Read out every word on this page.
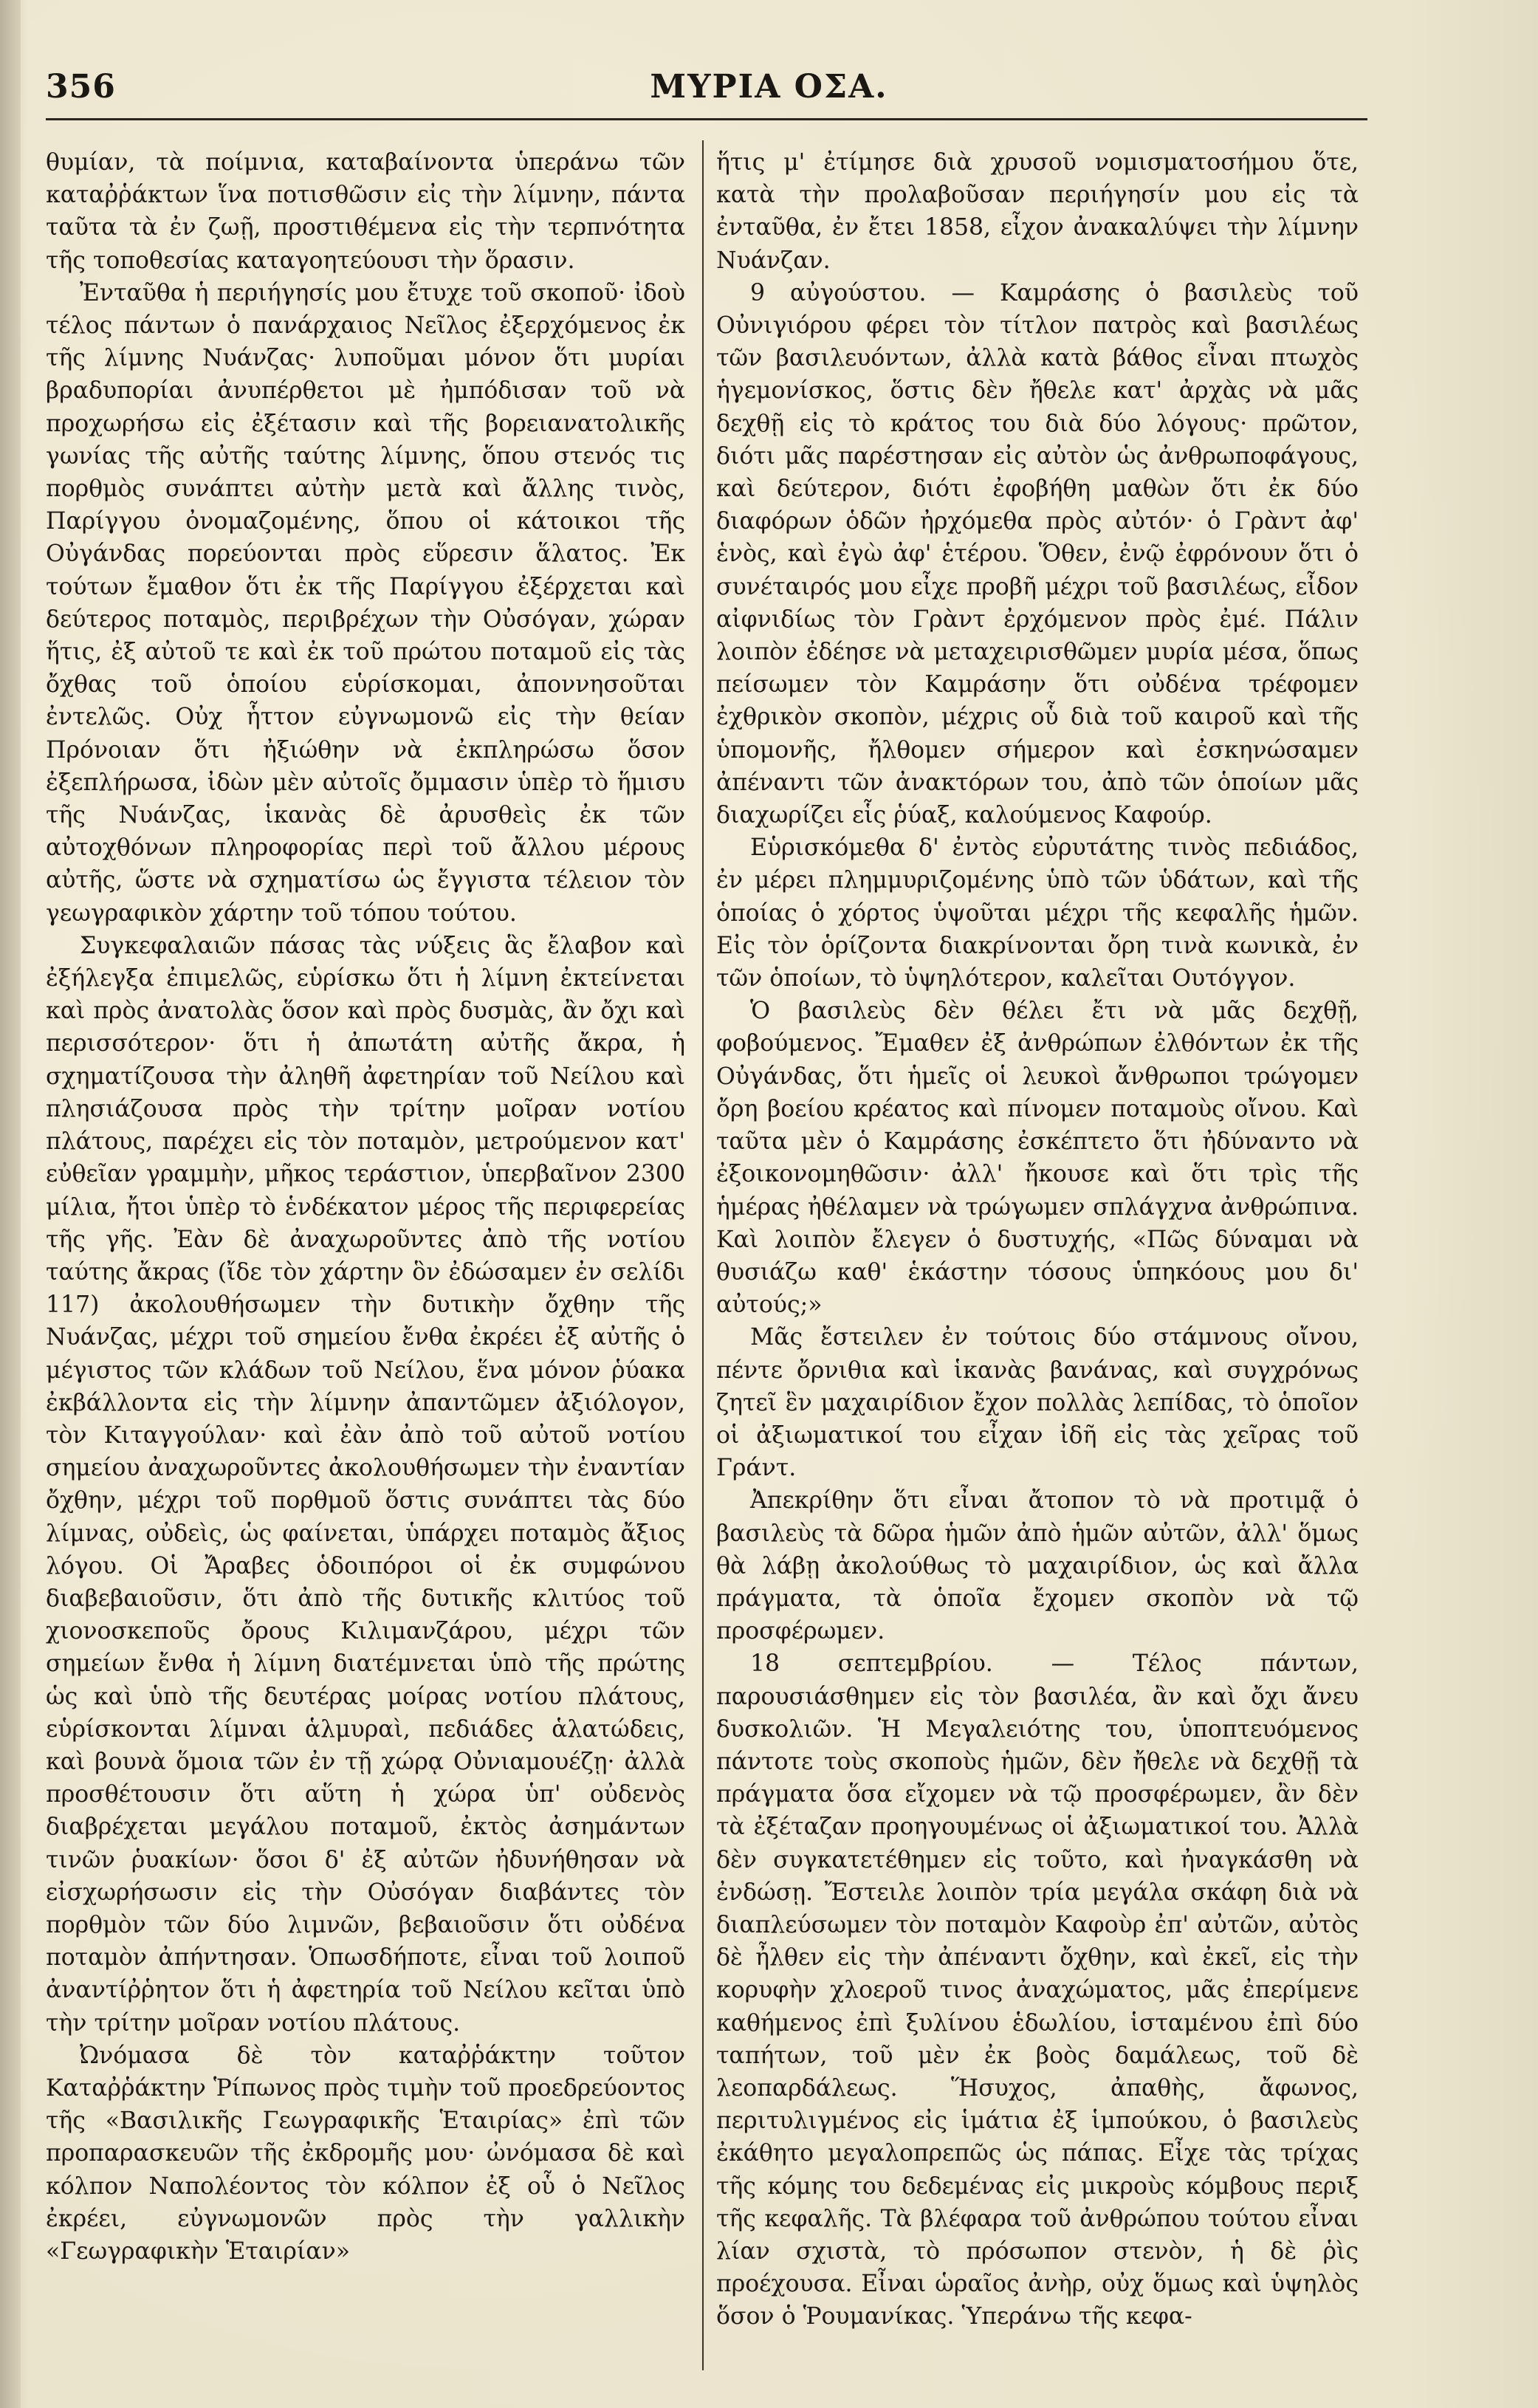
356	ΜΥΡΙΑ ΟΣΑ.

θυμίαν, τὰ ποίμνια, καταβαίνοντα ὑπεράνω τῶν καταῤῥάκτων ἵνα ποτισθῶσιν εἰς τὴν λίμνην, πάντα ταῦτα τὰ ἐν ζωῇ, προστιθέμενα εἰς τὴν τερπνότητα τῆς τοποθεσίας καταγοητεύουσι τὴν ὅρασιν.

Ἐνταῦθα ἡ περιήγησίς μου ἔτυχε τοῦ σκοποῦ· ἰδοὺ τέλος πάντων ὁ πανάρχαιος Νεῖλος ἐξερχόμενος ἐκ τῆς λίμνης Νυάνζας· λυποῦμαι μόνον ὅτι μυρίαι βραδυπορίαι ἀνυπέρθετοι μὲ ἠμπόδισαν τοῦ νὰ προχωρήσω εἰς ἐξέτασιν καὶ τῆς βορειανατολικῆς γωνίας τῆς αὐτῆς ταύτης λίμνης, ὅπου στενός τις πορθμὸς συνάπτει αὐτὴν μετὰ καὶ ἄλλης τινὸς, Παρίγγου ὀνομαζομένης, ὅπου οἱ κάτοικοι τῆς Οὐγάνδας πορεύονται πρὸς εὕρεσιν ἅλατος. Ἐκ τούτων ἔμαθον ὅτι ἐκ τῆς Παρίγγου ἐξέρχεται καὶ δεύτερος ποταμὸς, περιβρέχων τὴν Οὐσόγαν, χώραν ἥτις, ἐξ αὐτοῦ τε καὶ ἐκ τοῦ πρώτου ποταμοῦ εἰς τὰς ὄχθας τοῦ ὁποίου εὑρίσκομαι, ἀποννησοῦται ἐντελῶς. Οὐχ ἧττον εὐγνωμονῶ εἰς τὴν θείαν Πρόνοιαν ὅτι ἠξιώθην νὰ ἐκπληρώσω ὅσον ἐξεπλήρωσα, ἰδὼν μὲν αὐτοῖς ὄμμασιν ὑπὲρ τὸ ἥμισυ τῆς Νυάνζας, ἱκανὰς δὲ ἀρυσθεὶς ἐκ τῶν αὐτοχθόνων πληροφορίας περὶ τοῦ ἄλλου μέρους αὐτῆς, ὥστε νὰ σχηματίσω ὡς ἔγγιστα τέλειον τὸν γεωγραφικὸν χάρτην τοῦ τόπου τούτου.

Συγκεφαλαιῶν πάσας τὰς νύξεις ἃς ἔλαβον καὶ ἐξήλεγξα ἐπιμελῶς, εὑρίσκω ὅτι ἡ λίμνη ἐκτείνεται καὶ πρὸς ἀνατολὰς ὅσον καὶ πρὸς δυσμὰς, ἂν ὄχι καὶ περισσότερον· ὅτι ἡ ἀπωτάτη αὐτῆς ἄκρα, ἡ σχηματίζουσα τὴν ἀληθῆ ἀφετηρίαν τοῦ Νείλου καὶ πλησιάζουσα πρὸς τὴν τρίτην μοῖραν νοτίου πλάτους, παρέχει εἰς τὸν ποταμὸν, μετρούμενον κατ' εὐθεῖαν γραμμὴν, μῆκος τεράστιον, ὑπερβαῖνον 2300 μίλια, ἤτοι ὑπὲρ τὸ ἑνδέκατον μέρος τῆς περιφερείας τῆς γῆς. Ἐὰν δὲ ἀναχωροῦντες ἀπὸ τῆς νοτίου ταύτης ἄκρας (ἴδε τὸν χάρτην ὃν ἐδώσαμεν ἐν σελίδι 117) ἀκολουθήσωμεν τὴν δυτικὴν ὄχθην τῆς Νυάνζας, μέχρι τοῦ σημείου ἔνθα ἐκρέει ἐξ αὐτῆς ὁ μέγιστος τῶν κλάδων τοῦ Νείλου, ἕνα μόνον ῥύακα ἐκβάλλοντα εἰς τὴν λίμνην ἀπαντῶμεν ἀξιόλογον, τὸν Κιταγγούλαν· καὶ ἐὰν ἀπὸ τοῦ αὐτοῦ νοτίου σημείου ἀναχωροῦντες ἀκολουθήσωμεν τὴν ἐναντίαν ὄχθην, μέχρι τοῦ πορθμοῦ ὅστις συνάπτει τὰς δύο λίμνας, οὐδεὶς, ὡς φαίνεται, ὑπάρχει ποταμὸς ἄξιος λόγου. Οἱ Ἄραβες ὁδοιπόροι οἱ ἐκ συμφώνου διαβεβαιοῦσιν, ὅτι ἀπὸ τῆς δυτικῆς κλιτύος τοῦ χιονοσκεποῦς ὄρους Κιλιμανζάρου, μέχρι τῶν σημείων ἔνθα ἡ λίμνη διατέμνεται ὑπὸ τῆς πρώτης ὡς καὶ ὑπὸ τῆς δευτέρας μοίρας νοτίου πλάτους, εὑρίσκονται λίμναι ἁλμυραὶ, πεδιάδες ἁλατώδεις, καὶ βουνὰ ὅμοια τῶν ἐν τῇ χώρᾳ Οὐνιαμουέζῃ· ἀλλὰ προσθέτουσιν ὅτι αὕτη ἡ χώρα ὑπ' οὐδενὸς διαβρέχεται μεγάλου ποταμοῦ, ἐκτὸς ἀσημάντων τινῶν ῥυακίων· ὅσοι δ' ἐξ αὐτῶν ἠδυνήθησαν νὰ εἰσχωρήσωσιν εἰς τὴν Οὐσόγαν διαβάντες τὸν πορθμὸν τῶν δύο λιμνῶν, βεβαιοῦσιν ὅτι οὐδένα ποταμὸν ἀπήντησαν. Ὁπωσδήποτε, εἶναι τοῦ λοιποῦ ἀναντίῤῥητον ὅτι ἡ ἀφετηρία τοῦ Νείλου κεῖται ὑπὸ τὴν τρίτην μοῖραν νοτίου πλάτους.

Ὠνόμασα δὲ τὸν καταῤῥάκτην τοῦτον Καταῤῥάκτην Ῥίπωνος πρὸς τιμὴν τοῦ προεδρεύοντος τῆς «Βασιλικῆς Γεωγραφικῆς Ἑταιρίας» ἐπὶ τῶν προπαρασκευῶν τῆς ἐκδρομῆς μου· ὠνόμασα δὲ καὶ κόλπον Ναπολέοντος τὸν κόλπον ἐξ οὗ ὁ Νεῖλος ἐκρέει, εὐγνωμονῶν πρὸς τὴν γαλλικὴν «Γεωγραφικὴν Ἑταιρίαν»

ἥτις μ' ἐτίμησε διὰ χρυσοῦ νομισματοσήμου ὅτε, κατὰ τὴν προλαβοῦσαν περιήγησίν μου εἰς τὰ ἐνταῦθα, ἐν ἔτει 1858, εἶχον ἀνακαλύψει τὴν λίμνην Νυάνζαν.

9 αὐγούστου. — Καμράσης ὁ βασιλεὺς τοῦ Οὐνιγιόρου φέρει τὸν τίτλον πατρὸς καὶ βασιλέως τῶν βασιλευόντων, ἀλλὰ κατὰ βάθος εἶναι πτωχὸς ἡγεμονίσκος, ὅστις δὲν ἤθελε κατ' ἀρχὰς νὰ μᾶς δεχθῇ εἰς τὸ κράτος του διὰ δύο λόγους· πρῶτον, διότι μᾶς παρέστησαν εἰς αὐτὸν ὡς ἀνθρωποφάγους, καὶ δεύτερον, διότι ἐφοβήθη μαθὼν ὅτι ἐκ δύο διαφόρων ὁδῶν ἠρχόμεθα πρὸς αὐτόν· ὁ Γρὰντ ἀφ' ἑνὸς, καὶ ἐγὼ ἀφ' ἑτέρου. Ὅθεν, ἐνῷ ἐφρόνουν ὅτι ὁ συνέταιρός μου εἶχε προβῆ μέχρι τοῦ βασιλέως, εἶδον αἰφνιδίως τὸν Γρὰντ ἐρχόμενον πρὸς ἐμέ. Πάλιν λοιπὸν ἐδέησε νὰ μεταχειρισθῶμεν μυρία μέσα, ὅπως πείσωμεν τὸν Καμράσην ὅτι οὐδένα τρέφομεν ἐχθρικὸν σκοπὸν, μέχρις οὗ διὰ τοῦ καιροῦ καὶ τῆς ὑπομονῆς, ἤλθομεν σήμερον καὶ ἐσκηνώσαμεν ἀπέναντι τῶν ἀνακτόρων του, ἀπὸ τῶν ὁποίων μᾶς διαχωρίζει εἷς ῥύαξ, καλούμενος Καφούρ.

Εὑρισκόμεθα δ' ἐντὸς εὐρυτάτης τινὸς πεδιάδος, ἐν μέρει πλημμυριζομένης ὑπὸ τῶν ὑδάτων, καὶ τῆς ὁποίας ὁ χόρτος ὑψοῦται μέχρι τῆς κεφαλῆς ἡμῶν. Εἰς τὸν ὁρίζοντα διακρίνονται ὄρη τινὰ κωνικὰ, ἐν τῶν ὁποίων, τὸ ὑψηλότερον, καλεῖται Ουτόγγον.

Ὁ βασιλεὺς δὲν θέλει ἔτι νὰ μᾶς δεχθῇ, φοβούμενος. Ἔμαθεν ἐξ ἀνθρώπων ἐλθόντων ἐκ τῆς Οὐγάνδας, ὅτι ἡμεῖς οἱ λευκοὶ ἄνθρωποι τρώγομεν ὄρη βοείου κρέατος καὶ πίνομεν ποταμοὺς οἴνου. Καὶ ταῦτα μὲν ὁ Καμράσης ἐσκέπτετο ὅτι ἠδύναντο νὰ ἐξοικονομηθῶσιν· ἀλλ' ἤκουσε καὶ ὅτι τρὶς τῆς ἡμέρας ἠθέλαμεν νὰ τρώγωμεν σπλάγχνα ἀνθρώπινα. Καὶ λοιπὸν ἔλεγεν ὁ δυστυχής, «Πῶς δύναμαι νὰ θυσιάζω καθ' ἑκάστην τόσους ὑπηκόους μου δι' αὐτούς;»

Μᾶς ἔστειλεν ἐν τούτοις δύο στάμνους οἴνου, πέντε ὄρνιθια καὶ ἱκανὰς βανάνας, καὶ συγχρόνως ζητεῖ ἓν μαχαιρίδιον ἔχον πολλὰς λεπίδας, τὸ ὁποῖον οἱ ἀξιωματικοί του εἶχαν ἰδῆ εἰς τὰς χεῖρας τοῦ Γράντ.

Ἀπεκρίθην ὅτι εἶναι ἄτοπον τὸ νὰ προτιμᾷ ὁ βασιλεὺς τὰ δῶρα ἡμῶν ἀπὸ ἡμῶν αὐτῶν, ἀλλ' ὅμως θὰ λάβῃ ἀκολούθως τὸ μαχαιρίδιον, ὡς καὶ ἄλλα πράγματα, τὰ ὁποῖα ἔχομεν σκοπὸν νὰ τῷ προσφέρωμεν.

18 σεπτεμβρίου. — Τέλος πάντων, παρουσιάσθημεν εἰς τὸν βασιλέα, ἂν καὶ ὄχι ἄνευ δυσκολιῶν. Ἡ Μεγαλειότης του, ὑποπτευόμενος πάντοτε τοὺς σκοποὺς ἡμῶν, δὲν ἤθελε νὰ δεχθῇ τὰ πράγματα ὅσα εἴχομεν νὰ τῷ προσφέρωμεν, ἂν δὲν τὰ ἐξέταζαν προηγουμένως οἱ ἀξιωματικοί του. Ἀλλὰ δὲν συγκατετέθημεν εἰς τοῦτο, καὶ ἠναγκάσθη νὰ ἐνδώσῃ. Ἔστειλε λοιπὸν τρία μεγάλα σκάφη διὰ νὰ διαπλεύσωμεν τὸν ποταμὸν Καφοὺρ ἐπ' αὐτῶν, αὐτὸς δὲ ἦλθεν εἰς τὴν ἀπέναντι ὄχθην, καὶ ἐκεῖ, εἰς τὴν κορυφὴν χλοεροῦ τινος ἀναχώματος, μᾶς ἐπερίμενε καθήμενος ἐπὶ ξυλίνου ἑδωλίου, ἱσταμένου ἐπὶ δύο ταπήτων, τοῦ μὲν ἐκ βοὸς δαμάλεως, τοῦ δὲ λεοπαρδάλεως. Ἥσυχος, ἀπαθὴς, ἄφωνος, περιτυλιγμένος εἰς ἱμάτια ἐξ ἱμπούκου, ὁ βασιλεὺς ἐκάθητο μεγαλοπρεπῶς ὡς πάπας. Εἶχε τὰς τρίχας τῆς κόμης του δεδεμένας εἰς μικροὺς κόμβους περιξ τῆς κεφαλῆς. Τὰ βλέφαρα τοῦ ἀνθρώπου τούτου εἶναι λίαν σχιστὰ, τὸ πρόσωπον στενὸν, ἡ δὲ ῥὶς προέχουσα. Εἶναι ὡραῖος ἀνὴρ, οὐχ ὅμως καὶ ὑψηλὸς ὅσον ὁ Ῥουμανίκας. Ὑπεράνω τῆς κεφα-
